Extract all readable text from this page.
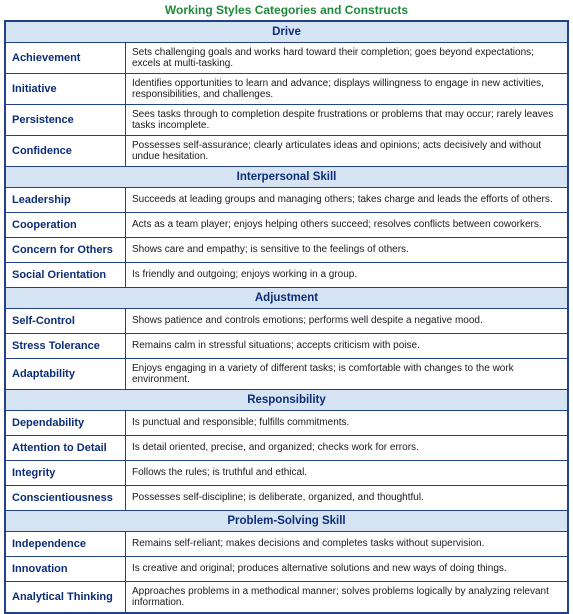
Working Styles Categories and Constructs
Drive	
Achievement	Sets challenging goals and works hard toward their completion; goes beyond expectations; excels at multi-tasking.
Initiative	Identifies opportunities to learn and advance; displays willingness to engage in new activities, responsibilities, and challenges.
Persistence	Sees tasks through to completion despite frustrations or problems that may occur; rarely leaves tasks incomplete.
Confidence	Possesses self-assurance; clearly articulates ideas and opinions; acts decisively and without undue hesitation.
Interpersonal Skill	
Leadership	Succeeds at leading groups and managing others; takes charge and leads the efforts of others.
Cooperation	Acts as a team player; enjoys helping others succeed; resolves conflicts between coworkers.
Concern for Others	Shows care and empathy; is sensitive to the feelings of others.
Social Orientation	Is friendly and outgoing; enjoys working in a group.
Adjustment	
Self-Control	Shows patience and controls emotions; performs well despite a negative mood.
Stress Tolerance	Remains calm in stressful situations; accepts criticism with poise.
Adaptability	Enjoys engaging in a variety of different tasks; is comfortable with changes to the work environment.
Responsibility	
Dependability	Is punctual and responsible; fulfills commitments.
Attention to Detail	Is detail oriented, precise, and organized; checks work for errors.
Integrity	Follows the rules; is truthful and ethical.
Conscientiousness	Possesses self-discipline; is deliberate, organized, and thoughtful.
Problem-Solving Skill	
Independence	Remains self-reliant; makes decisions and completes tasks without supervision.
Innovation	Is creative and original; produces alternative solutions and new ways of doing things.
Analytical Thinking	Approaches problems in a methodical manner; solves problems logically by analyzing relevant information.
